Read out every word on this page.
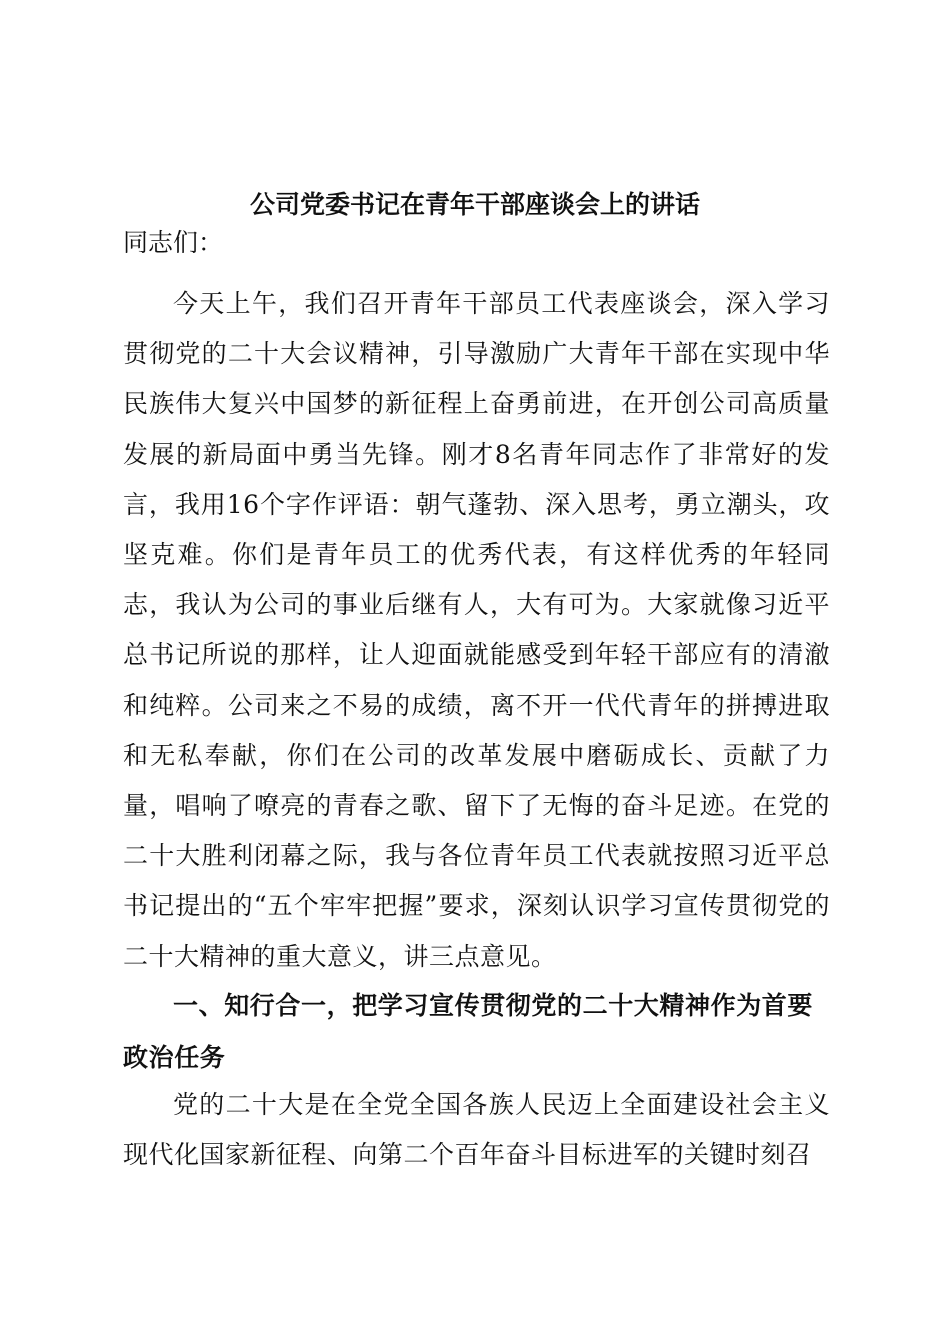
公司党委书记在青年干部座谈会上的讲话
同志们：
今天上午，我们召开青年干部员工代表座谈会，深入学习贯彻党的二十大会议精神，引导激励广大青年干部在实现中华民族伟大复兴中国梦的新征程上奋勇前进，在开创公司高质量发展的新局面中勇当先锋。刚才8名青年同志作了非常好的发言，我用16个字作评语：朝气蓬勃、深入思考，勇立潮头，攻坚克难。你们是青年员工的优秀代表，有这样优秀的年轻同志，我认为公司的事业后继有人，大有可为。大家就像习近平总书记所说的那样，让人迎面就能感受到年轻干部应有的清澈和纯粹。公司来之不易的成绩，离不开一代代青年的拼搏进取和无私奉献，你们在公司的改革发展中磨砺成长、贡献了力量，唱响了嘹亮的青春之歌、留下了无悔的奋斗足迹。在党的二十大胜利闭幕之际，我与各位青年员工代表就按照习近平总书记提出的“五个牢牢把握”要求，深刻认识学习宣传贯彻党的二十大精神的重大意义，讲三点意见。
一、知行合一，把学习宣传贯彻党的二十大精神作为首要政治任务
党的二十大是在全党全国各族人民迈上全面建设社会主义现代化国家新征程、向第二个百年奋斗目标进军的关键时刻召
